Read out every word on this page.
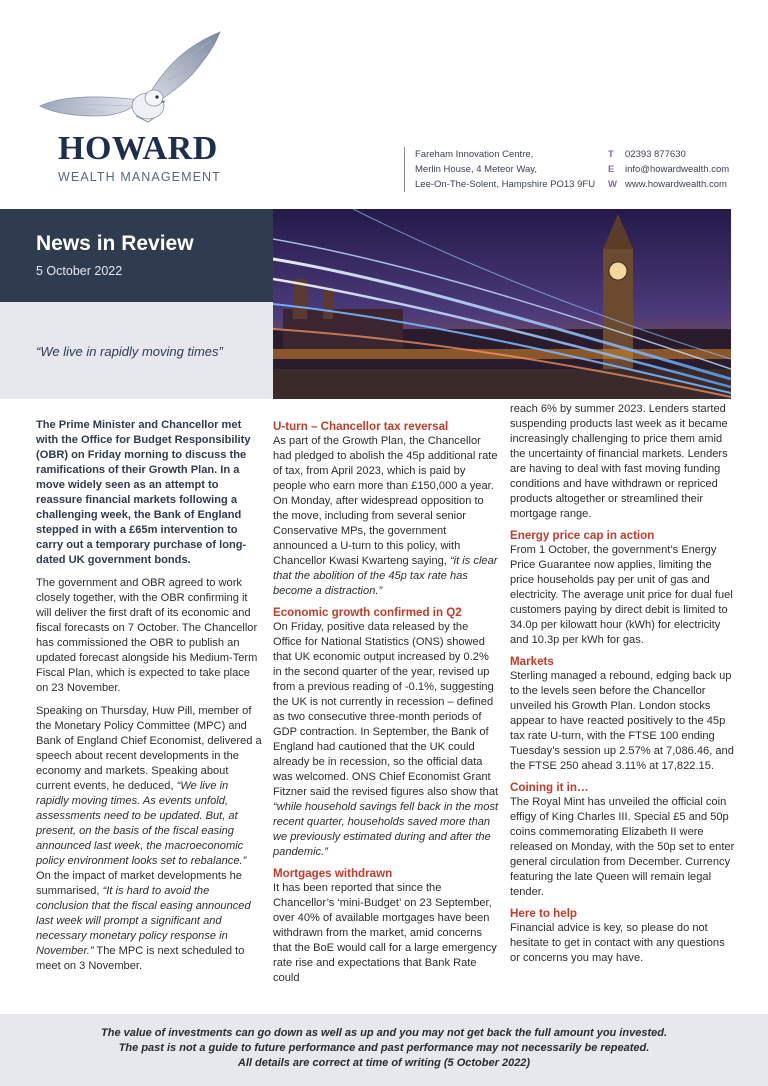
HOWARD
WEALTH MANAGEMENT
Fareham Innovation Centre,
Merlin House, 4 Meteor Way,
Lee-On-The-Solent, Hampshire PO13 9FU
T	02393 877630
E	info@howardwealth.com
W www.howardwealth.com
News in Review
5 October 2022
“We live in rapidly moving times”

The Prime Minister and Chancellor met with the Office for Budget Responsibility (OBR) on Friday morning to discuss the ramifications of their Growth Plan. In a move widely seen as an attempt to reassure financial markets following a challenging week, the Bank of England stepped in with a £65m intervention to carry out a temporary purchase of long-dated UK government bonds.

The government and OBR agreed to work closely together, with the OBR confirming it will deliver the first draft of its economic and fiscal forecasts on 7 October. The Chancellor has commissioned the OBR to publish an updated forecast alongside his Medium-Term Fiscal Plan, which is expected to take place on 23 November.

Speaking on Thursday, Huw Pill, member of the Monetary Policy Committee (MPC) and Bank of England Chief Economist, delivered a speech about recent developments in the economy and markets. Speaking about current events, he deduced, “We live in rapidly moving times. As events unfold, assessments need to be updated. But, at present, on the basis of the fiscal easing announced last week, the macroeconomic policy environment looks set to rebalance.” On the impact of market developments he summarised, “It is hard to avoid the conclusion that the fiscal easing announced last week will prompt a significant and necessary monetary policy response in November.” The MPC is next scheduled to meet on 3 November.

U-turn – Chancellor tax reversal

As part of the Growth Plan, the Chancellor had pledged to abolish the 45p additional rate of tax, from April 2023, which is paid by people who earn more than £150,000 a year. On Monday, after widespread opposition to the move, including from several senior Conservative MPs, the government announced a U-turn to this policy, with Chancellor Kwasi Kwarteng saying, “it is clear that the abolition of the 45p tax rate has become a distraction.”

Economic growth confirmed in Q2

On Friday, positive data released by the Office for National Statistics (ONS) showed that UK economic output increased by 0.2% in the second quarter of the year, revised up from a previous reading of -0.1%, suggesting the UK is not currently in recession – defined as two consecutive three-month periods of GDP contraction. In September, the Bank of England had cautioned that the UK could already be in recession, so the official data was welcomed. ONS Chief Economist Grant Fitzner said the revised figures also show that “while household savings fell back in the most recent quarter, households saved more than we previously estimated during and after the pandemic.”

Mortgages withdrawn

It has been reported that since the Chancellor’s ‘mini-Budget’ on 23 September, over 40% of available mortgages have been withdrawn from the market, amid concerns that the BoE would call for a large emergency rate rise and expectations that Bank Rate could

reach 6% by summer 2023. Lenders started suspending products last week as it became increasingly challenging to price them amid the uncertainty of financial markets. Lenders are having to deal with fast moving funding conditions and have withdrawn or repriced products altogether or streamlined their mortgage range.

Energy price cap in action

From 1 October, the government’s Energy Price Guarantee now applies, limiting the price households pay per unit of gas and electricity. The average unit price for dual fuel customers paying by direct debit is limited to 34.0p per kilowatt hour (kWh) for electricity and 10.3p per kWh for gas.

Markets

Sterling managed a rebound, edging back up to the levels seen before the Chancellor unveiled his Growth Plan. London stocks appear to have reacted positively to the 45p tax rate U-turn, with the FTSE 100 ending Tuesday’s session up 2.57% at 7,086.46, and the FTSE 250 ahead 3.11% at 17,822.15.

Coining it in…

The Royal Mint has unveiled the official coin effigy of King Charles III. Special £5 and 50p coins commemorating Elizabeth II were released on Monday, with the 50p set to enter general circulation from December. Currency featuring the late Queen will remain legal tender.

Here to help

Financial advice is key, so please do not hesitate to get in contact with any questions or concerns you may have.

The value of investments can go down as well as up and you may not get back the full amount you invested.
The past is not a guide to future performance and past performance may not necessarily be repeated.
All details are correct at time of writing (5 October 2022)
